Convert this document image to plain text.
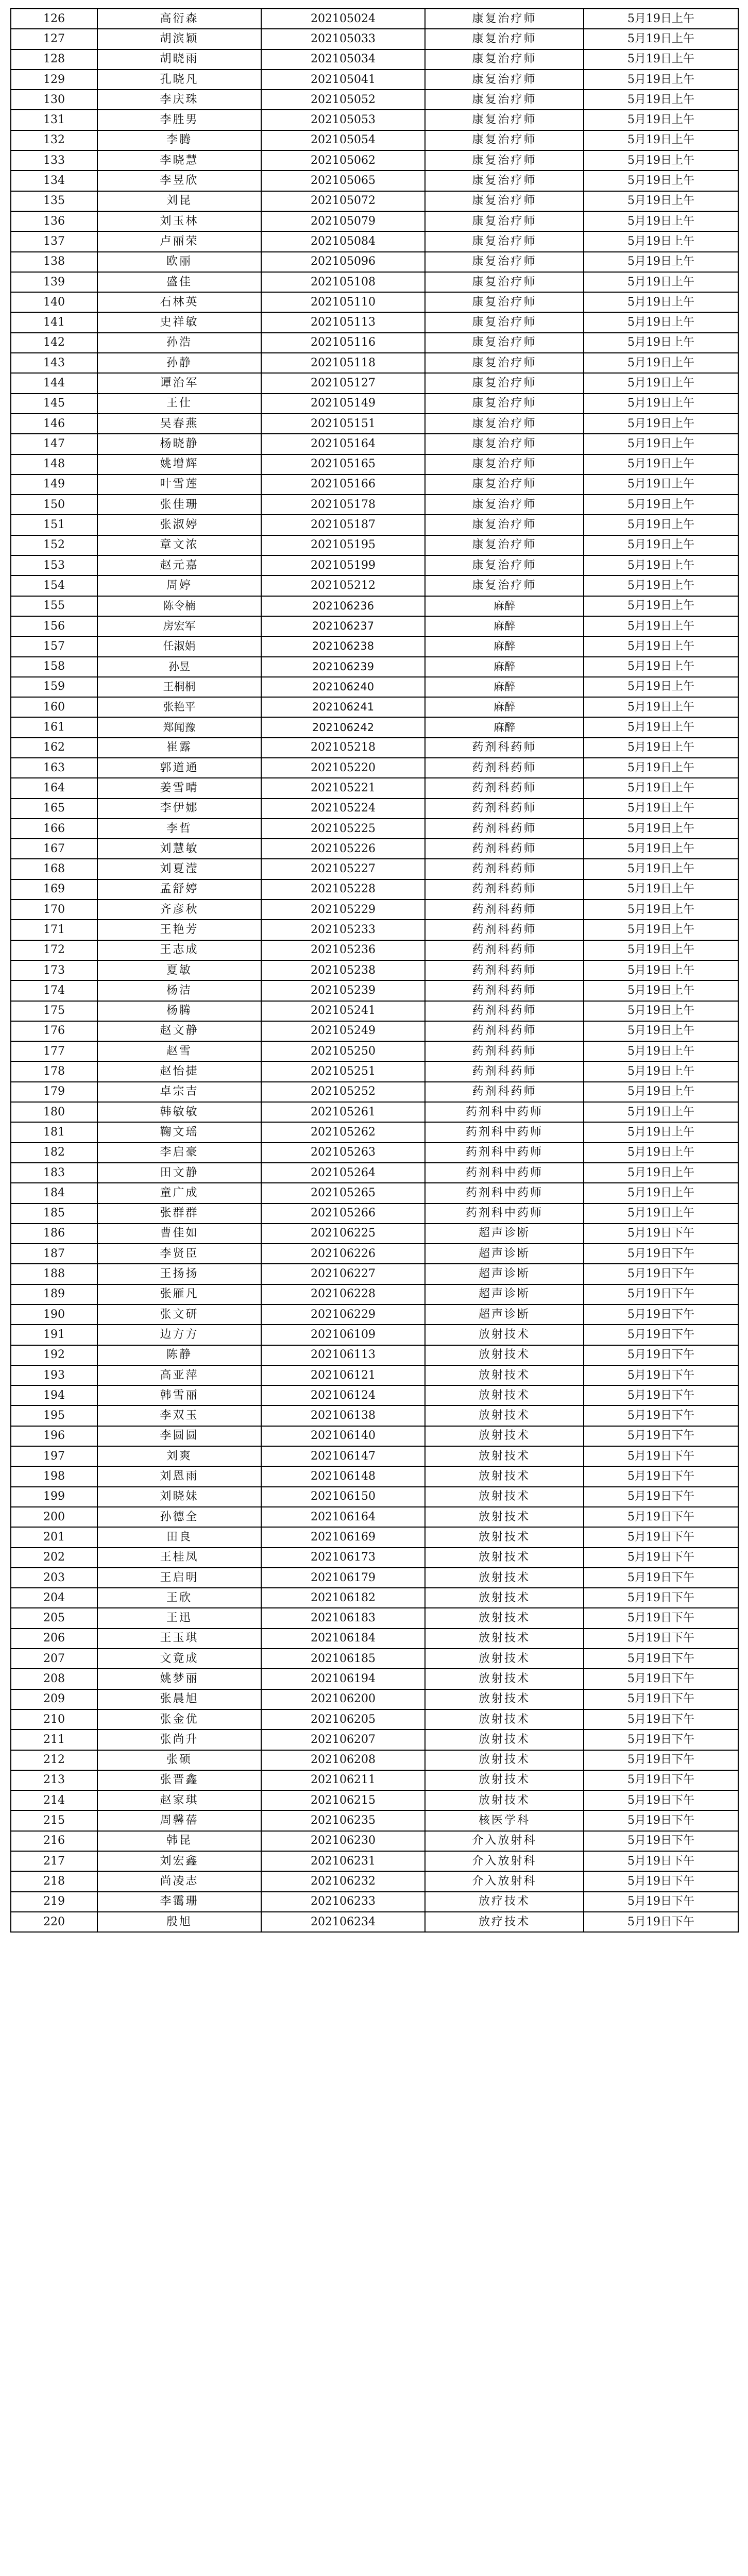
126	高衍森	202105024	康复治疗师	5月19日上午
127	胡滨颖	202105033	康复治疗师	5月19日上午
128	胡晓雨	202105034	康复治疗师	5月19日上午
129	孔晓凡	202105041	康复治疗师	5月19日上午
130	李庆珠	202105052	康复治疗师	5月19日上午
131	李胜男	202105053	康复治疗师	5月19日上午
132	李腾	202105054	康复治疗师	5月19日上午
133	李晓慧	202105062	康复治疗师	5月19日上午
134	李昱欣	202105065	康复治疗师	5月19日上午
135	刘昆	202105072	康复治疗师	5月19日上午
136	刘玉林	202105079	康复治疗师	5月19日上午
137	卢丽荣	202105084	康复治疗师	5月19日上午
138	欧丽	202105096	康复治疗师	5月19日上午
139	盛佳	202105108	康复治疗师	5月19日上午
140	石林英	202105110	康复治疗师	5月19日上午
141	史祥敏	202105113	康复治疗师	5月19日上午
142	孙浩	202105116	康复治疗师	5月19日上午
143	孙静	202105118	康复治疗师	5月19日上午
144	谭治军	202105127	康复治疗师	5月19日上午
145	王仕	202105149	康复治疗师	5月19日上午
146	吴春燕	202105151	康复治疗师	5月19日上午
147	杨晓静	202105164	康复治疗师	5月19日上午
148	姚增辉	202105165	康复治疗师	5月19日上午
149	叶雪莲	202105166	康复治疗师	5月19日上午
150	张佳珊	202105178	康复治疗师	5月19日上午
151	张淑婷	202105187	康复治疗师	5月19日上午
152	章文浓	202105195	康复治疗师	5月19日上午
153	赵元嘉	202105199	康复治疗师	5月19日上午
154	周婷	202105212	康复治疗师	5月19日上午
155	陈令楠	202106236	麻醉	5月19日上午
156	房宏军	202106237	麻醉	5月19日上午
157	任淑娟	202106238	麻醉	5月19日上午
158	孙昱	202106239	麻醉	5月19日上午
159	王桐桐	202106240	麻醉	5月19日上午
160	张艳平	202106241	麻醉	5月19日上午
161	郑闻豫	202106242	麻醉	5月19日上午
162	崔露	202105218	药剂科药师	5月19日上午
163	郭道通	202105220	药剂科药师	5月19日上午
164	姜雪晴	202105221	药剂科药师	5月19日上午
165	李伊娜	202105224	药剂科药师	5月19日上午
166	李哲	202105225	药剂科药师	5月19日上午
167	刘慧敏	202105226	药剂科药师	5月19日上午
168	刘夏滢	202105227	药剂科药师	5月19日上午
169	孟舒婷	202105228	药剂科药师	5月19日上午
170	齐彦秋	202105229	药剂科药师	5月19日上午
171	王艳芳	202105233	药剂科药师	5月19日上午
172	王志成	202105236	药剂科药师	5月19日上午
173	夏敏	202105238	药剂科药师	5月19日上午
174	杨洁	202105239	药剂科药师	5月19日上午
175	杨腾	202105241	药剂科药师	5月19日上午
176	赵文静	202105249	药剂科药师	5月19日上午
177	赵雪	202105250	药剂科药师	5月19日上午
178	赵怡捷	202105251	药剂科药师	5月19日上午
179	卓宗吉	202105252	药剂科药师	5月19日上午
180	韩敏敏	202105261	药剂科中药师	5月19日上午
181	鞠文瑶	202105262	药剂科中药师	5月19日上午
182	李启豪	202105263	药剂科中药师	5月19日上午
183	田文静	202105264	药剂科中药师	5月19日上午
184	童广成	202105265	药剂科中药师	5月19日上午
185	张群群	202105266	药剂科中药师	5月19日上午
186	曹佳如	202106225	超声诊断	5月19日下午
187	李贤臣	202106226	超声诊断	5月19日下午
188	王扬扬	202106227	超声诊断	5月19日下午
189	张雁凡	202106228	超声诊断	5月19日下午
190	张文研	202106229	超声诊断	5月19日下午
191	边方方	202106109	放射技术	5月19日下午
192	陈静	202106113	放射技术	5月19日下午
193	高亚萍	202106121	放射技术	5月19日下午
194	韩雪丽	202106124	放射技术	5月19日下午
195	李双玉	202106138	放射技术	5月19日下午
196	李圆圆	202106140	放射技术	5月19日下午
197	刘爽	202106147	放射技术	5月19日下午
198	刘恩雨	202106148	放射技术	5月19日下午
199	刘晓妹	202106150	放射技术	5月19日下午
200	孙德全	202106164	放射技术	5月19日下午
201	田良	202106169	放射技术	5月19日下午
202	王桂凤	202106173	放射技术	5月19日下午
203	王启明	202106179	放射技术	5月19日下午
204	王欣	202106182	放射技术	5月19日下午
205	王迅	202106183	放射技术	5月19日下午
206	王玉琪	202106184	放射技术	5月19日下午
207	文竟成	202106185	放射技术	5月19日下午
208	姚梦丽	202106194	放射技术	5月19日下午
209	张晨旭	202106200	放射技术	5月19日下午
210	张金优	202106205	放射技术	5月19日下午
211	张尚升	202106207	放射技术	5月19日下午
212	张硕	202106208	放射技术	5月19日下午
213	张晋鑫	202106211	放射技术	5月19日下午
214	赵家琪	202106215	放射技术	5月19日下午
215	周馨蓓	202106235	核医学科	5月19日下午
216	韩昆	202106230	介入放射科	5月19日下午
217	刘宏鑫	202106231	介入放射科	5月19日下午
218	尚凌志	202106232	介入放射科	5月19日下午
219	李霭珊	202106233	放疗技术	5月19日下午
220	殷旭	202106234	放疗技术	5月19日下午
